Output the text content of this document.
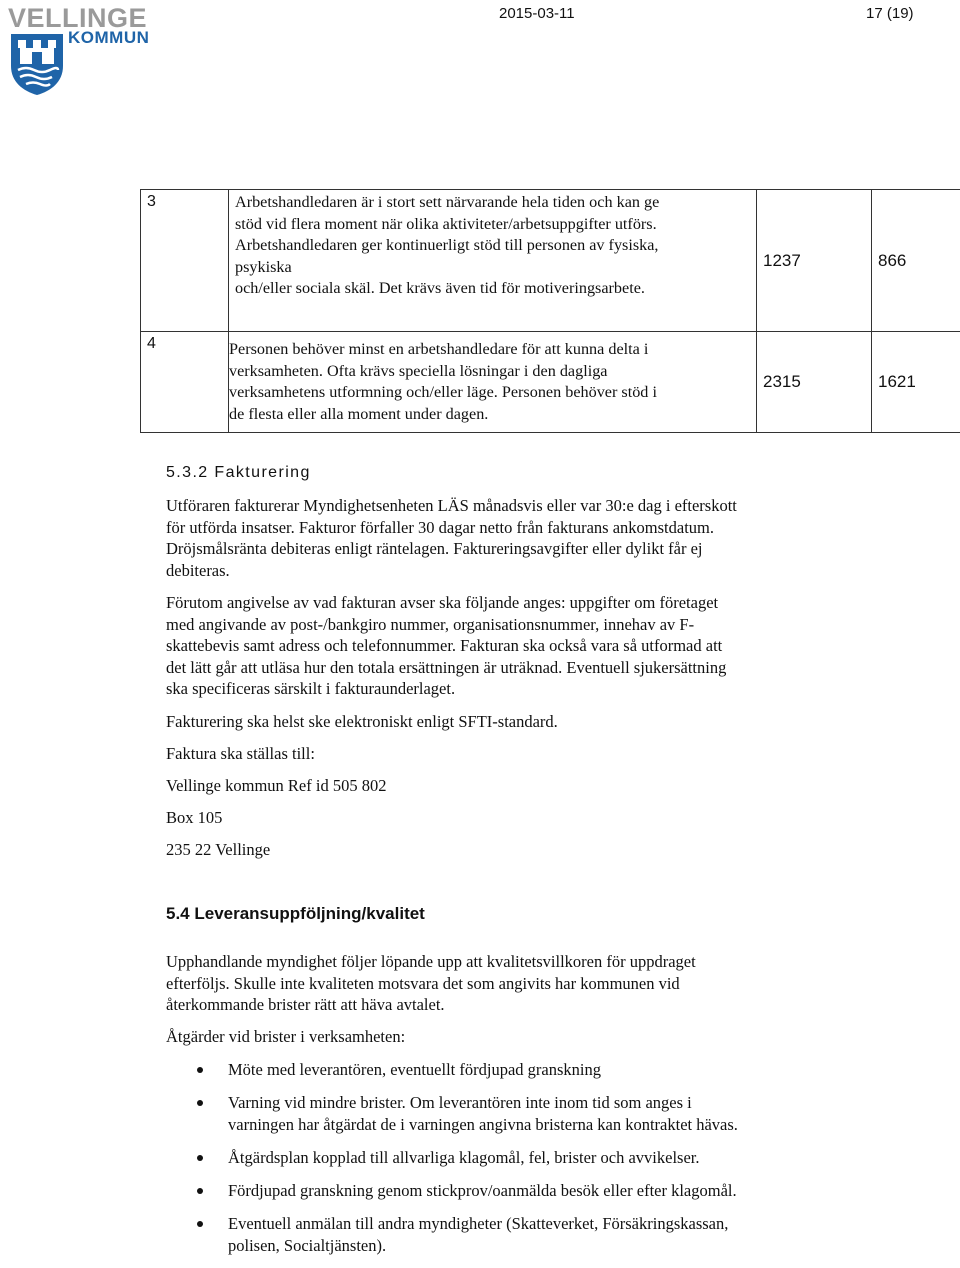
VELLINGE
KOMMUN
2015-03-11	17 (19)
3	Arbetshandledaren är i stort sett närvarande hela tiden och kan ge
stöd vid flera moment när olika aktiviteter/arbetsuppgifter utförs.
Arbetshandledaren ger kontinuerligt stöd till personen av fysiska,
psykiska
och/eller sociala skäl. Det krävs även tid för motiveringsarbete.	1237	866
4	Personen behöver minst en arbetshandledare för att kunna delta i
verksamheten. Ofta krävs speciella lösningar i den dagliga
verksamhetens utformning och/eller läge. Personen behöver stöd i
de flesta eller alla moment under dagen.	2315	1621
5.3.2 Fakturering

Utföraren fakturerar Myndighetsenheten LÄS månadsvis eller var 30:e dag i efterskott
för utförda insatser. Fakturor förfaller 30 dagar netto från fakturans ankomstdatum.
Dröjsmålsränta debiteras enligt räntelagen. Faktureringsavgifter eller dylikt får ej
debiteras.

Förutom angivelse av vad fakturan avser ska följande anges: uppgifter om företaget
med angivande av post-/bankgiro nummer, organisationsnummer, innehav av F-
skattebevis samt adress och telefonnummer. Fakturan ska också vara så utformad att
det lätt går att utläsa hur den totala ersättningen är uträknad. Eventuell sjukersättning
ska specificeras särskilt i fakturaunderlaget.

Fakturering ska helst ske elektroniskt enligt SFTI-standard.

Faktura ska ställas till:

Vellinge kommun Ref id 505 802

Box 105

235 22 Vellinge

5.4 Leveransuppföljning/kvalitet

Upphandlande myndighet följer löpande upp att kvalitetsvillkoren för uppdraget
efterföljs. Skulle inte kvaliteten motsvara det som angivits har kommunen vid
återkommande brister rätt att häva avtalet.

Åtgärder vid brister i verksamheten:

Möte med leverantören, eventuellt fördjupad granskning
Varning vid mindre brister. Om leverantören inte inom tid som anges i
varningen har åtgärdat de i varningen angivna bristerna kan kontraktet hävas.
Åtgärdsplan kopplad till allvarliga klagomål, fel, brister och avvikelser.
Fördjupad granskning genom stickprov/oanmälda besök eller efter klagomål.
Eventuell anmälan till andra myndigheter (Skatteverket, Försäkringskassan,
polisen, Socialtjänsten).
